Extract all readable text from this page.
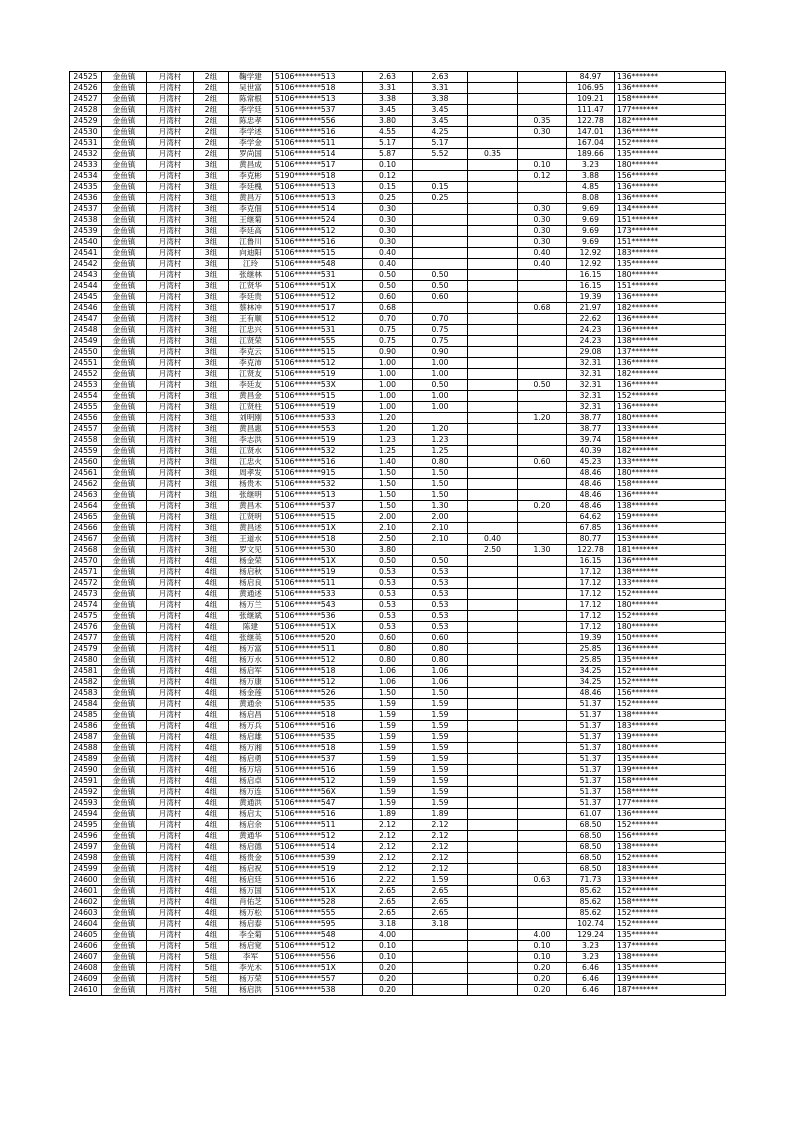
24525	金鱼镇	月湾村	2组	鞠学建	5106*******513	2.63	2.63			84.97	136*******
24526	金鱼镇	月湾村	2组	吴世富	5106*******518	3.31	3.31			106.95	136*******
24527	金鱼镇	月湾村	2组	陈常根	5106*******513	3.38	3.38			109.21	158*******
24528	金鱼镇	月湾村	2组	李学廷	5106*******537	3.45	3.45			111.47	177*******
24529	金鱼镇	月湾村	2组	陈忠孝	5106*******556	3.80	3.45		0.35	122.78	182*******
24530	金鱼镇	月湾村	2组	李学述	5106*******516	4.55	4.25		0.30	147.01	136*******
24531	金鱼镇	月湾村	2组	李学金	5106*******511	5.17	5.17			167.04	152*******
24532	金鱼镇	月湾村	2组	罗尚国	5106*******514	5.87	5.52	0.35		189.66	135*******
24533	金鱼镇	月湾村	3组	黄昌成	5106*******517	0.10			0.10	3.23	180*******
24534	金鱼镇	月湾村	3组	李克彬	5190*******518	0.12			0.12	3.88	156*******
24535	金鱼镇	月湾村	3组	李廷槐	5106*******513	0.15	0.15			4.85	136*******
24536	金鱼镇	月湾村	3组	黄昌万	5106*******513	0.25	0.25			8.08	136*******
24537	金鱼镇	月湾村	3组	李克佃	5106*******514	0.30			0.30	9.69	134*******
24538	金鱼镇	月湾村	3组	王继菊	5106*******524	0.30			0.30	9.69	151*******
24539	金鱼镇	月湾村	3组	李廷高	5106*******512	0.30			0.30	9.69	173*******
24540	金鱼镇	月湾村	3组	江鲁川	5106*******516	0.30			0.30	9.69	151*******
24541	金鱼镇	月湾村	3组	向迪阳	5106*******515	0.40			0.40	12.92	183*******
24542	金鱼镇	月湾村	3组	江玲	5106*******548	0.40			0.40	12.92	135*******
24543	金鱼镇	月湾村	3组	张继林	5106*******531	0.50	0.50			16.15	180*******
24544	金鱼镇	月湾村	3组	江贤华	5106*******51X	0.50	0.50			16.15	151*******
24545	金鱼镇	月湾村	3组	李廷贵	5106*******512	0.60	0.60			19.39	136*******
24546	金鱼镇	月湾村	3组	蔡林冲	5190*******517	0.68			0.68	21.97	182*******
24547	金鱼镇	月湾村	3组	王有顺	5106*******512	0.70	0.70			22.62	136*******
24548	金鱼镇	月湾村	3组	江忠兴	5106*******531	0.75	0.75			24.23	136*******
24549	金鱼镇	月湾村	3组	江贤荣	5106*******555	0.75	0.75			24.23	138*******
24550	金鱼镇	月湾村	3组	李克云	5106*******515	0.90	0.90			29.08	137*******
24551	金鱼镇	月湾村	3组	李克沛	5106*******512	1.00	1.00			32.31	136*******
24552	金鱼镇	月湾村	3组	江贤友	5106*******519	1.00	1.00			32.31	182*******
24553	金鱼镇	月湾村	3组	李廷友	5106*******53X	1.00	0.50		0.50	32.31	136*******
24554	金鱼镇	月湾村	3组	黄昌金	5106*******515	1.00	1.00			32.31	152*******
24555	金鱼镇	月湾村	3组	江贤柱	5106*******519	1.00	1.00			32.31	136*******
24556	金鱼镇	月湾村	3组	刘明刚	5106*******533	1.20			1.20	38.77	180*******
24557	金鱼镇	月湾村	3组	黄昌惠	5106*******553	1.20	1.20			38.77	133*******
24558	金鱼镇	月湾村	3组	李志洪	5106*******519	1.23	1.23			39.74	158*******
24559	金鱼镇	月湾村	3组	江贤水	5106*******532	1.25	1.25			40.39	182*******
24560	金鱼镇	月湾村	3组	江忠火	5106*******516	1.40	0.80		0.60	45.23	133*******
24561	金鱼镇	月湾村	3组	周孝发	5106*******915	1.50	1.50			48.46	180*******
24562	金鱼镇	月湾村	3组	杨贵木	5106*******532	1.50	1.50			48.46	158*******
24563	金鱼镇	月湾村	3组	张继明	5106*******513	1.50	1.50			48.46	136*******
24564	金鱼镇	月湾村	3组	黄昌木	5106*******537	1.50	1.30		0.20	48.46	138*******
24565	金鱼镇	月湾村	3组	江贤明	5106*******515	2.00	2.00			64.62	159*******
24566	金鱼镇	月湾村	3组	黄昌述	5106*******51X	2.10	2.10			67.85	136*******
24567	金鱼镇	月湾村	3组	王道水	5106*******518	2.50	2.10	0.40		80.77	153*******
24568	金鱼镇	月湾村	3组	罗文见	5106*******530	3.80		2.50	1.30	122.78	181*******
24570	金鱼镇	月湾村	4组	杨金荣	5106*******51X	0.50	0.50			16.15	136*******
24571	金鱼镇	月湾村	4组	杨启秋	5106*******519	0.53	0.53			17.12	138*******
24572	金鱼镇	月湾村	4组	杨启良	5106*******511	0.53	0.53			17.12	133*******
24573	金鱼镇	月湾村	4组	黄通述	5106*******533	0.53	0.53			17.12	152*******
24574	金鱼镇	月湾村	4组	杨万兰	5106*******543	0.53	0.53			17.12	180*******
24575	金鱼镇	月湾村	4组	张继斌	5106*******536	0.53	0.53			17.12	152*******
24576	金鱼镇	月湾村	4组	陈建	5106*******51X	0.53	0.53			17.12	180*******
24577	金鱼镇	月湾村	4组	张继英	5106*******520	0.60	0.60			19.39	150*******
24579	金鱼镇	月湾村	4组	杨万富	5106*******511	0.80	0.80			25.85	136*******
24580	金鱼镇	月湾村	4组	杨万水	5106*******512	0.80	0.80			25.85	135*******
24581	金鱼镇	月湾村	4组	杨启军	5106*******518	1.06	1.06			34.25	152*******
24582	金鱼镇	月湾村	4组	杨万康	5106*******512	1.06	1.06			34.25	152*******
24583	金鱼镇	月湾村	4组	杨金莲	5106*******526	1.50	1.50			48.46	156*******
24584	金鱼镇	月湾村	4组	黄通余	5106*******535	1.59	1.59			51.37	152*******
24585	金鱼镇	月湾村	4组	杨启昌	5106*******518	1.59	1.59			51.37	138*******
24586	金鱼镇	月湾村	4组	杨万兵	5106*******516	1.59	1.59			51.37	183*******
24587	金鱼镇	月湾村	4组	杨启雄	5106*******535	1.59	1.59			51.37	139*******
24588	金鱼镇	月湾村	4组	杨万湘	5106*******518	1.59	1.59			51.37	180*******
24589	金鱼镇	月湾村	4组	杨启勇	5106*******537	1.59	1.59			51.37	135*******
24590	金鱼镇	月湾村	4组	杨万培	5106*******516	1.59	1.59			51.37	139*******
24591	金鱼镇	月湾村	4组	杨启卓	5106*******512	1.59	1.59			51.37	158*******
24592	金鱼镇	月湾村	4组	杨万连	5106*******56X	1.59	1.59			51.37	158*******
24593	金鱼镇	月湾村	4组	黄通洪	5106*******547	1.59	1.59			51.37	177*******
24594	金鱼镇	月湾村	4组	杨启太	5106*******516	1.89	1.89			61.07	136*******
24595	金鱼镇	月湾村	4组	杨启余	5106*******511	2.12	2.12			68.50	152*******
24596	金鱼镇	月湾村	4组	黄通华	5106*******512	2.12	2.12			68.50	156*******
24597	金鱼镇	月湾村	4组	杨启德	5106*******514	2.12	2.12			68.50	138*******
24598	金鱼镇	月湾村	4组	杨贵金	5106*******539	2.12	2.12			68.50	152*******
24599	金鱼镇	月湾村	4组	杨启祝	5106*******519	2.12	2.12			68.50	183*******
24600	金鱼镇	月湾村	4组	杨启廷	5106*******516	2.22	1.59		0.63	71.73	133*******
24601	金鱼镇	月湾村	4组	杨万国	5106*******51X	2.65	2.65			85.62	152*******
24602	金鱼镇	月湾村	4组	肖佑芝	5106*******528	2.65	2.65			85.62	158*******
24603	金鱼镇	月湾村	4组	杨万松	5106*******555	2.65	2.65			85.62	152*******
24604	金鱼镇	月湾村	4组	杨启泰	5106*******595	3.18	3.18			102.74	152*******
24605	金鱼镇	月湾村	4组	李全菊	5106*******548	4.00			4.00	129.24	135*******
24606	金鱼镇	月湾村	5组	杨启宽	5106*******512	0.10			0.10	3.23	137*******
24607	金鱼镇	月湾村	5组	李军	5106*******556	0.10			0.10	3.23	138*******
24608	金鱼镇	月湾村	5组	李光木	5106*******51X	0.20			0.20	6.46	135*******
24609	金鱼镇	月湾村	5组	杨万荣	5106*******557	0.20			0.20	6.46	139*******
24610	金鱼镇	月湾村	5组	杨启洪	5106*******538	0.20			0.20	6.46	187*******
